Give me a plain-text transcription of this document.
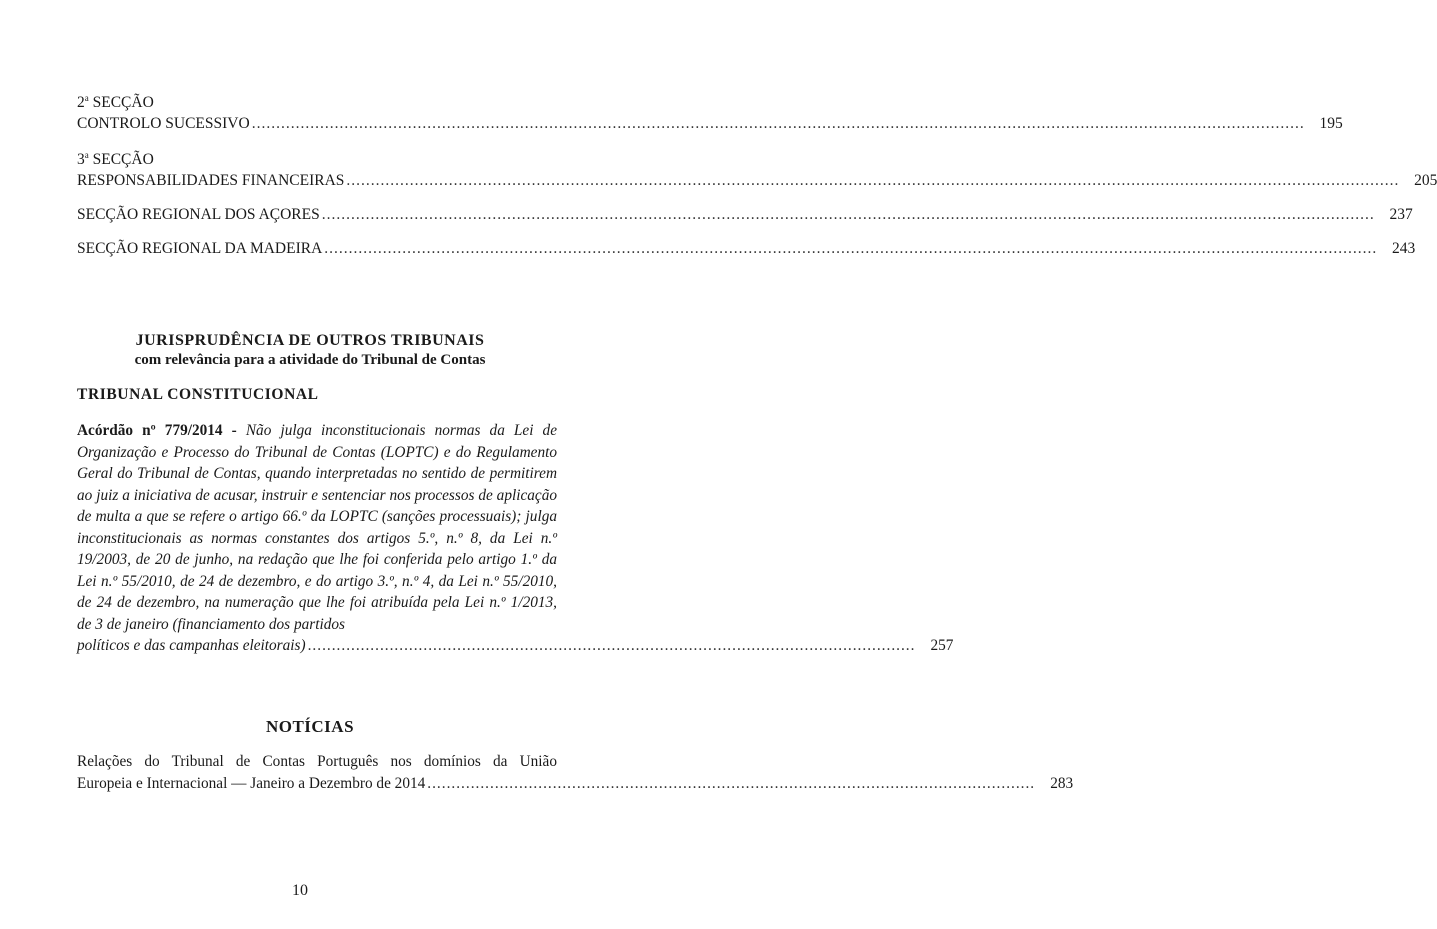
2$^a$ SECÇÃO
CONTROLO SUCESSIVO .....	195
3$^a$ SECÇÃO
RESPONSABILIDADES FINANCEIRAS .....	205
SECÇÃO REGIONAL DOS AÇORES .....	237
SECÇÃO REGIONAL DA MADEIRA .....	243
JURISPRUDÊNCIA DE OUTROS TRIBUNAIS
com relevância para a atividade do Tribunal de Contas
TRIBUNAL CONSTITUCIONAL
Acórdão nº 779/2014 - Não julga inconstitucionais normas da Lei de Organização e Processo do Tribunal de Contas (LOPTC) e do Regulamento Geral do Tribunal de Contas, quando interpretadas no sentido de permitirem ao juiz a iniciativa de acusar, instruir e sentenciar nos processos de aplicação de multa a que se refere o artigo 66.º da LOPTC (sanções processuais); julga inconstitucionais as normas constantes dos artigos 5.º, n.º 8, da Lei n.º 19/2003, de 20 de junho, na redação que lhe foi conferida pelo artigo 1.º da Lei n.º 55/2010, de 24 de dezembro, e do artigo 3.º, n.º 4, da Lei n.º 55/2010, de 24 de dezembro, na numeração que lhe foi atribuída pela Lei n.º 1/2013, de 3 de janeiro (financiamento dos partidos
políticos e das campanhas eleitorais) .............................................................................................................................. 257
NOTÍCIAS
Relações do Tribunal de Contas Português nos domínios da União
Europeia e Internacional — Janeiro a Dezembro de 2014 .............................................................................................................................. 283
10
